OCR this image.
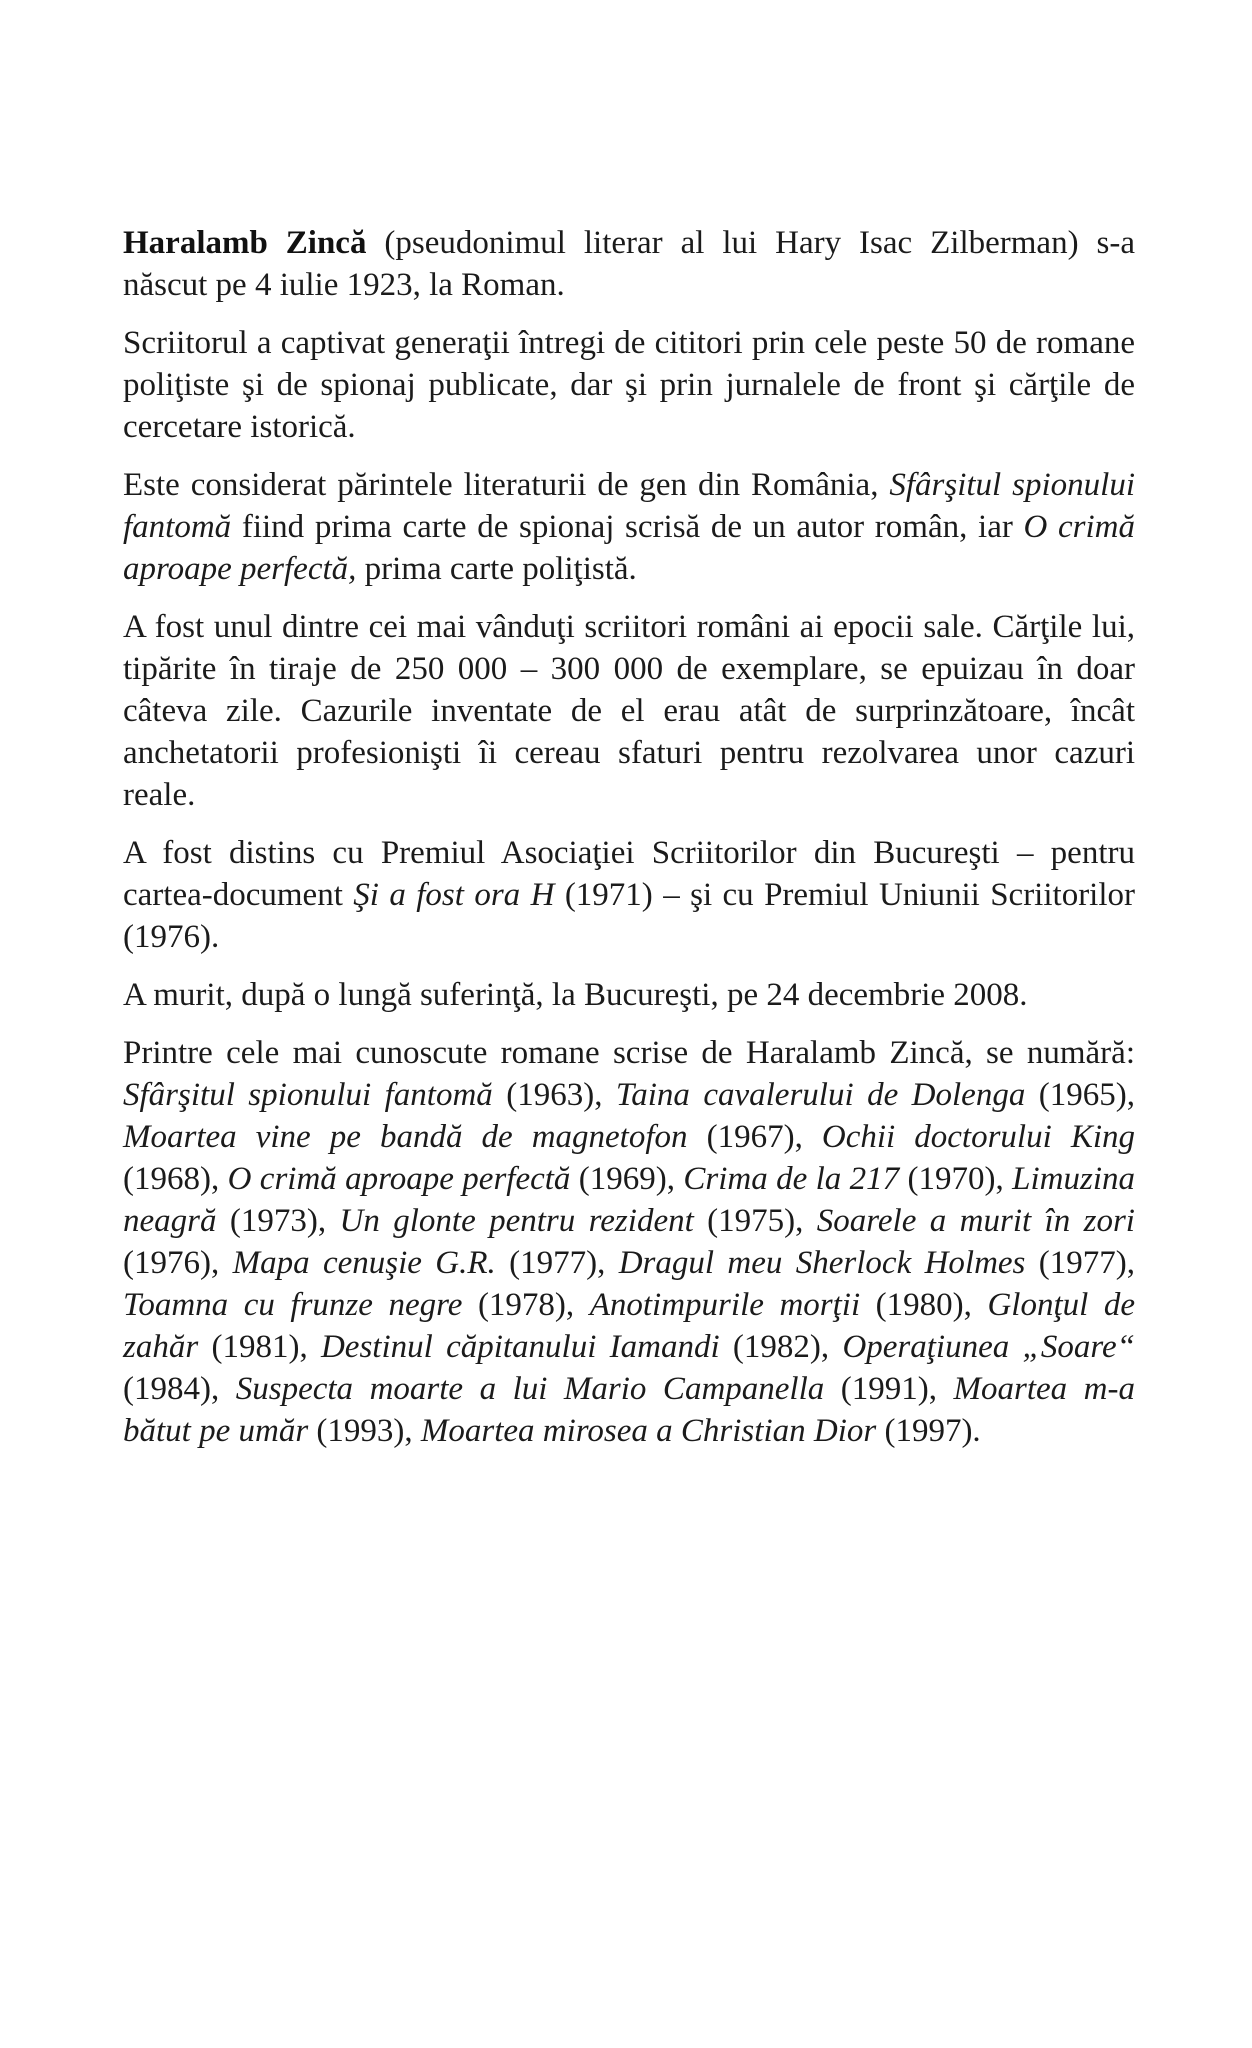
Haralamb Zincă (pseudonimul literar al lui Hary Isac Zilberman) s-a născut pe 4 iulie 1923, la Roman.

Scriitorul a captivat generaţii întregi de cititori prin cele peste 50 de romane poliţiste şi de spionaj publicate, dar şi prin jurnalele de front şi cărţile de cercetare istorică.

Este considerat părintele literaturii de gen din România, Sfârşitul spionului fantomă fiind prima carte de spionaj scrisă de un autor român, iar O crimă aproape perfectă, prima carte poliţistă.

A fost unul dintre cei mai vânduţi scriitori români ai epocii sale. Cărţile lui, tipărite în tiraje de 250 000 – 300 000 de exemplare, se epuizau în doar câteva zile. Cazurile inventate de el erau atât de surprinzătoare, încât anchetatorii profesionişti îi cereau sfaturi pentru rezolvarea unor cazuri reale.

A fost distins cu Premiul Asociaţiei Scriitorilor din Bucureşti – pentru cartea-document Şi a fost ora H (1971) – şi cu Premiul Uniunii Scriitorilor (1976).

A murit, după o lungă suferinţă, la Bucureşti, pe 24 decembrie 2008.

Printre cele mai cunoscute romane scrise de Haralamb Zincă, se numără: Sfârşitul spionului fantomă (1963), Taina cavalerului de Dolenga (1965), Moartea vine pe bandă de magnetofon (1967), Ochii doctorului King (1968), O crimă aproape perfectă (1969), Crima de la 217 (1970), Limuzina neagră (1973), Un glonte pentru rezident (1975), Soarele a murit în zori (1976), Mapa cenuşie G.R. (1977), Dragul meu Sherlock Holmes (1977), Toamna cu frunze negre (1978), Anotimpurile morţii (1980), Glonţul de zahăr (1981), Destinul căpitanului Iamandi (1982), Operaţiunea „Soare“ (1984), Suspecta moarte a lui Mario Campanella (1991), Moartea m-a bătut pe umăr (1993), Moartea mirosea a Christian Dior (1997).
